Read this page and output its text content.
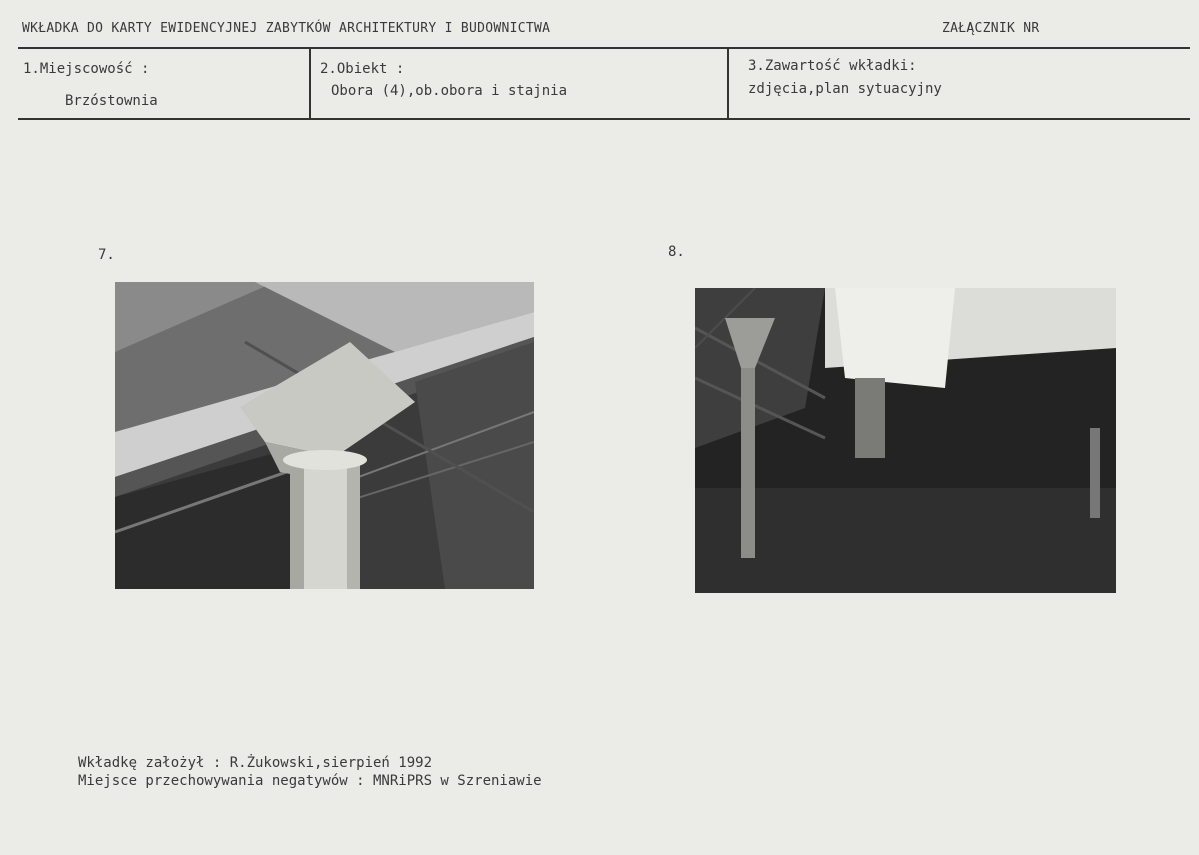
WKŁADKA DO KARTY EWIDENCYJNEJ ZABYTKÓW ARCHITEKTURY I BUDOWNICTWA	ZAŁĄCZNIK NR
1.Miejscowość :
Brzóstownia
2.Obiekt :
Obora (4),ob.obora i stajnia
3.Zawartość wkładki:
zdjęcia,plan sytuacyjny
7.	8.
Wkładkę założył : R.Żukowski,sierpień 1992
Miejsce przechowywania negatywów : MNRiPRS w Szreniawie
